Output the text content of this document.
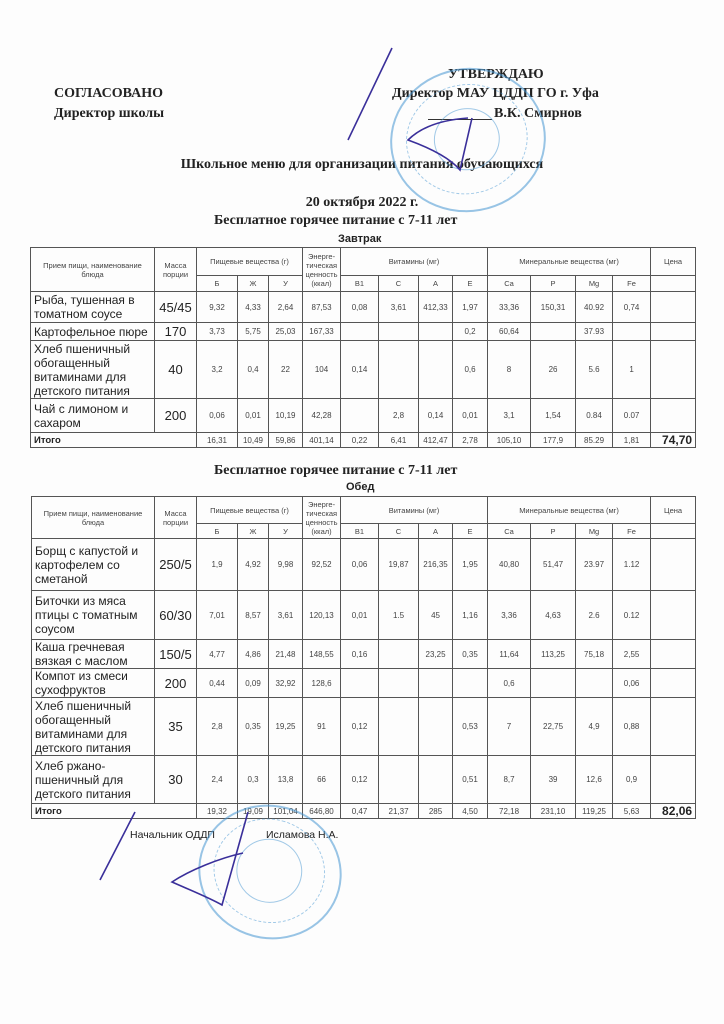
СОГЛАСОВАНО
Директор школы
УТВЕРЖДАЮ
Директор МАУ ЦДДП ГО г. Уфа
В.К. Смирнов
Школьное меню для организации питания обучающихся
20 октября 2022 г.
Бесплатное горячее питание с 7-11 лет
Завтрак
Прием пищи, наименование блюда	Масса порции	Пищевые вещества (г)			Энерге-тическая ценность (ккал)	Витамины (мг)				Минеральные вещества (мг)				Цена
		Б	Ж	У		B1	C	A	E	Ca	P	Mg	Fe	
Рыба, тушенная в томатном соусе	45/45	9,32	4,33	2,64	87,53	0,08	3,61	412,33	1,97	33,36	150,31	40.92	0,74	
Картофельное пюре	170	3,73	5,75	25,03	167,33				0,2	60,64		37.93		
Хлеб пшеничный обогащенный витаминами для детского питания	40	3,2	0,4	22	104	0,14			0,6	8	26	5.6	1	
Чай с лимоном и сахаром	200	0,06	0,01	10,19	42,28		2,8	0,14	0,01	3,1	1,54	0.84	0.07	
Итого		16,31	10,49	59,86	401,14	0,22	6,41	412,47	2,78	105,10	177,9	85.29	1,81	74,70
Бесплатное горячее питание с 7-11 лет
Обед
Прием пищи, наименование блюда	Масса порции	Пищевые вещества (г)			Энерге-тическая ценность (ккал)	Витамины (мг)				Минеральные вещества (мг)				Цена
		Б	Ж	У		B1	C	A	E	Ca	P	Mg	Fe	
Борщ с капустой и картофелем со сметаной	250/5	1,9	4,92	9,98	92,52	0,06	19,87	216,35	1,95	40,80	51,47	23.97	1.12	
Биточки из мяса птицы с томатным соусом	60/30	7,01	8,57	3,61	120,13	0,01	1.5	45	1,16	3,36	4,63	2.6	0.12	
Каша гречневая вязкая с маслом	150/5	4,77	4,86	21,48	148,55	0,16		23,25	0,35	11,64	113,25	75,18	2,55	
Компот из смеси сухофруктов	200	0,44	0,09	32,92	128,6					0,6			0,06	
Хлеб пшеничный обогащенный витаминами для детского питания	35	2,8	0,35	19,25	91	0,12			0,53	7	22,75	4,9	0,88	
Хлеб ржано-пшеничный для детского питания	30	2,4	0,3	13,8	66	0,12			0,51	8,7	39	12,6	0,9	
Итого		19,32	19,09	101,04	646,80	0,47	21,37	285	4,50	72,18	231,10	119,25	5,63	82,06
Начальник ОДДП	Исламова Н.А.
